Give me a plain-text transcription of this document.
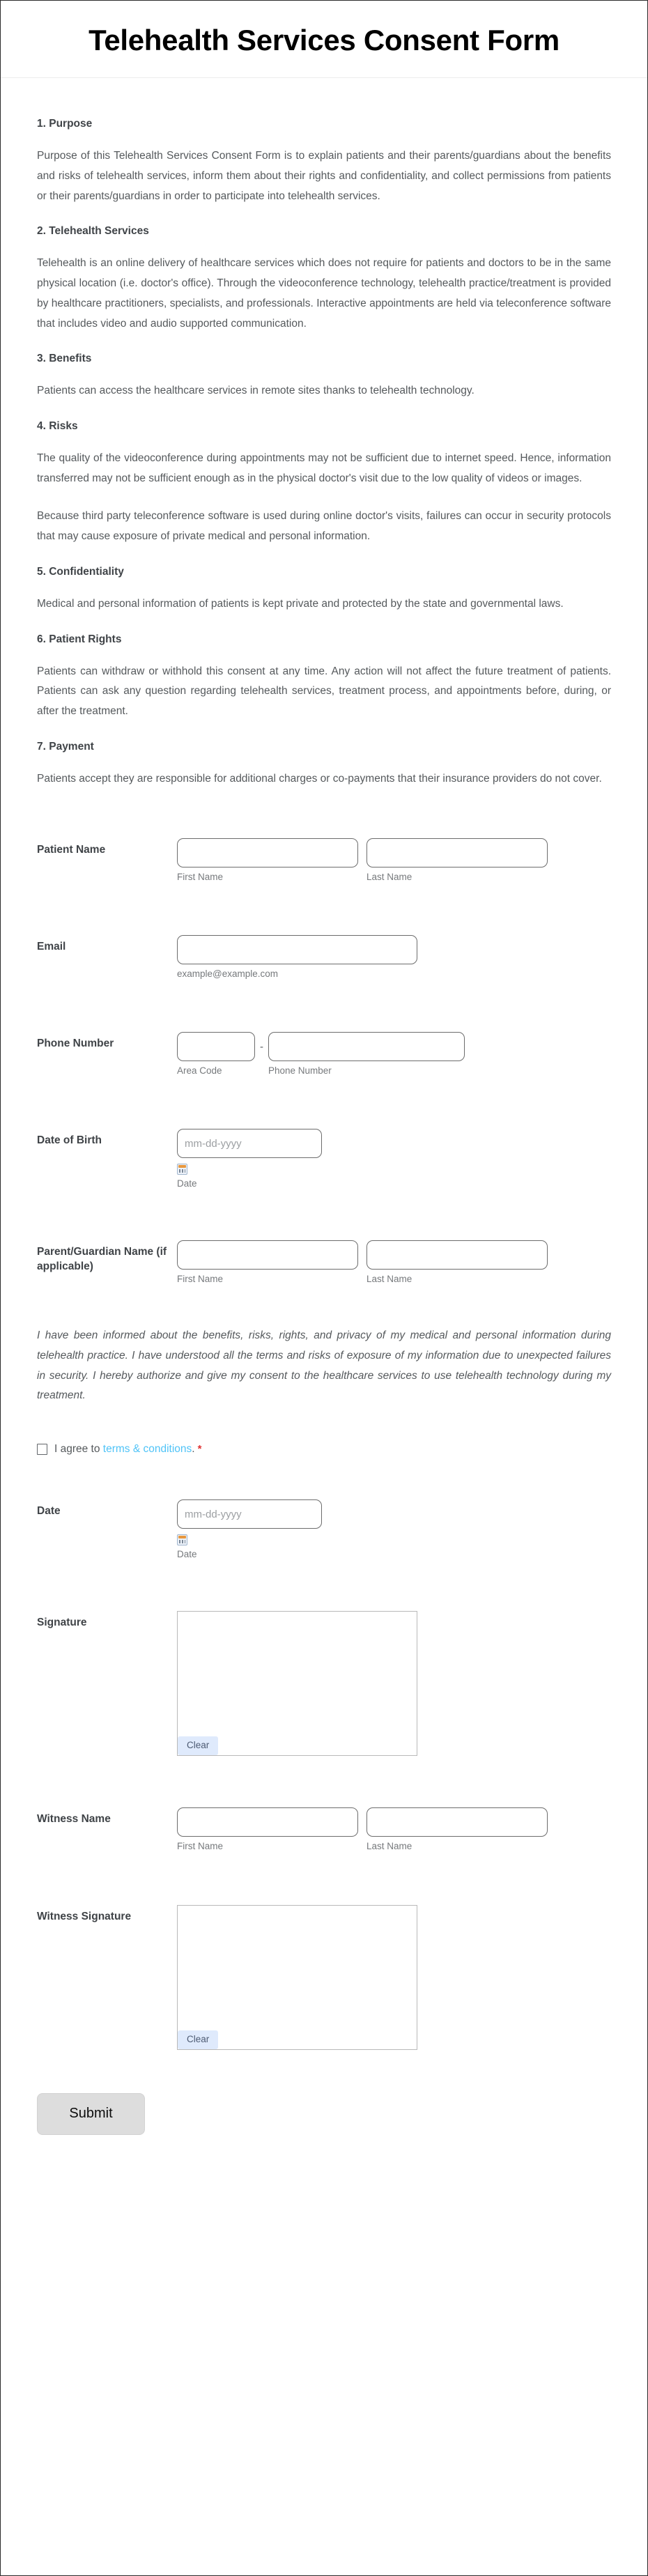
Telehealth Services Consent Form
1. Purpose

Purpose of this Telehealth Services Consent Form is to explain patients and their parents/guardians about the benefits and risks of telehealth services, inform them about their rights and confidentiality, and collect permissions from patients or their parents/guardians in order to participate into telehealth services.

2. Telehealth Services

Telehealth is an online delivery of healthcare services which does not require for patients and doctors to be in the same physical location (i.e. doctor's office). Through the videoconference technology, telehealth practice/treatment is provided by healthcare practitioners, specialists, and professionals. Interactive appointments are held via teleconference software that includes video and audio supported communication.

3. Benefits

Patients can access the healthcare services in remote sites thanks to telehealth technology.

4. Risks

The quality of the videoconference during appointments may not be sufficient due to internet speed. Hence, information transferred may not be sufficient enough as in the physical doctor's visit due to the low quality of videos or images.

Because third party teleconference software is used during online doctor's visits, failures can occur in security protocols that may cause exposure of private medical and personal information.

5. Confidentiality

Medical and personal information of patients is kept private and protected by the state and governmental laws.

6. Patient Rights

Patients can withdraw or withhold this consent at any time. Any action will not affect the future treatment of patients. Patients can ask any question regarding telehealth services, treatment process, and appointments before, during, or after the treatment.

7. Payment

Patients accept they are responsible for additional charges or co-payments that their insurance providers do not cover.

Patient Name
First Name	Last Name
Email
example@example.com
Phone Number
Area Code
-
Phone Number
Date of Birth
mm-dd-yyyy
Date
Parent/Guardian Name (if applicable)
First Name	Last Name

I have been informed about the benefits, risks, rights, and privacy of my medical and personal information during telehealth practice. I have understood all the terms and risks of exposure of my information due to unexpected failures in security. I hereby authorize and give my consent to the healthcare services to use telehealth technology during my treatment.

I agree to terms & conditions. *
Date
mm-dd-yyyy
Date
Signature
Clear
Witness Name
First Name	Last Name
Witness Signature
Clear
Submit
